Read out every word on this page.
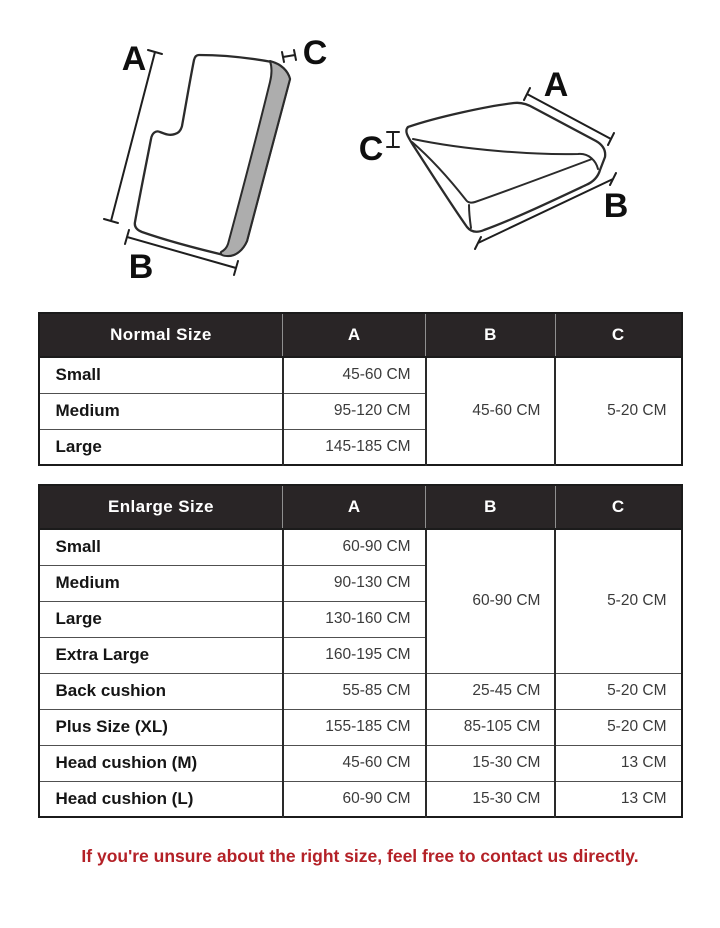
A
B
C
A
B
C
Normal Size	A	B	C
Small	45-60 CM	45-60 CM	5-20 CM
Medium	95-120 CM		
Large	145-185 CM		
Enlarge Size	A	B	C
Small	60-90 CM	60-90 CM	5-20 CM
Medium	90-130 CM		
Large	130-160 CM		
Extra Large	160-195 CM		
Back cushion	55-85 CM	25-45 CM	5-20 CM
Plus Size (XL)	155-185 CM	85-105 CM	5-20 CM
Head cushion (M)	45-60 CM	15-30 CM	13 CM
Head cushion (L)	60-90 CM	15-30 CM	13 CM
If you're unsure about the right size, feel free to contact us directly.
